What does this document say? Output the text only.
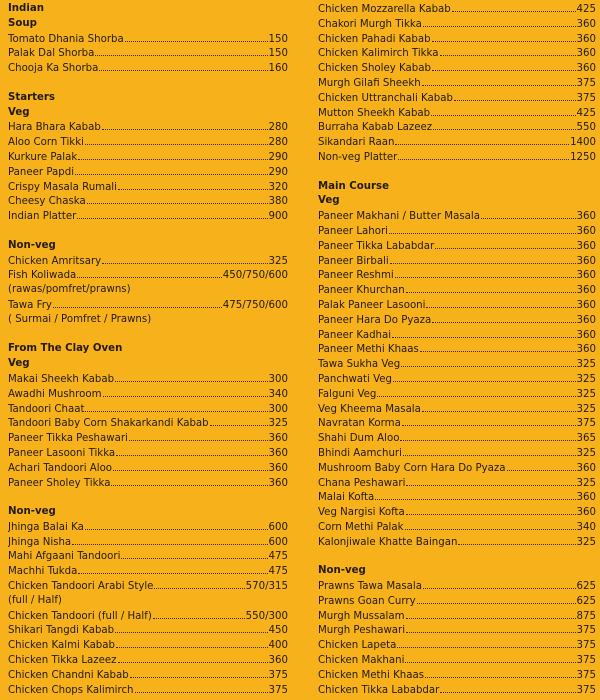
Indian
Soup
Tomato Dhania Shorba	150
Palak Dal Shorba	150
Chooja Ka Shorba	160
Starters
Veg
Hara Bhara Kabab	280
Aloo Corn Tikki	280
Kurkure Palak	290
Paneer Papdi	290
Crispy Masala Rumali	320
Cheesy Chaska	380
Indian Platter	900
Non-veg
Chicken Amritsary	325
Fish Koliwada	450/750/600
(rawas/pomfret/prawns)
Tawa Fry	475/750/600
( Surmai / Pomfret / Prawns)
From The Clay Oven
Veg
Makai Sheekh Kabab	300
Awadhi Mushroom	340
Tandoori Chaat	300
Tandoori Baby Corn Shakarkandi Kabab	325
Paneer Tikka Peshawari	360
Paneer Lasooni Tikka	360
Achari Tandoori Aloo	360
Paneer Sholey Tikka	360
Non-veg
Jhinga Balai Ka	600
Jhinga Nisha	600
Mahi Afgaani Tandoori	475
Machhi Tukda	475
Chicken Tandoori Arabi Style	570/315
(full / Half)
Chicken Tandoori (full / Half)	550/300
Shikari Tangdi Kabab	450
Chicken Kalmi Kabab	400
Chicken Tikka Lazeez	360
Chicken Chandni Kabab	375
Chicken Chops Kalimirch	375
Chicken Mozzarella Kabab	425
Chakori Murgh Tikka	360
Chicken Pahadi Kabab	360
Chicken Kalimirch Tikka	360
Chicken Sholey Kabab	360
Murgh Gilafi Sheekh	375
Chicken Uttranchali Kabab	375
Mutton Sheekh Kabab	425
Burraha Kabab Lazeez	550
Sikandari Raan	1400
Non-veg Platter	1250
Main Course
Veg
Paneer Makhani / Butter Masala	360
Paneer Lahori	360
Paneer Tikka Lababdar	360
Paneer Birbali	360
Paneer Reshmi	360
Paneer Khurchan	360
Palak Paneer Lasooni	360
Paneer Hara Do Pyaza	360
Paneer Kadhai	360
Paneer Methi Khaas	360
Tawa Sukha Veg	325
Panchwati Veg	325
Falguni Veg	325
Veg Kheema Masala	325
Navratan Korma	375
Shahi Dum Aloo	365
Bhindi Aamchuri	325
Mushroom Baby Corn Hara Do Pyaza	360
Chana Peshawari	325
Malai Kofta	360
Veg Nargisi Kofta	360
Corn Methi Palak	340
Kalonjiwale Khatte Baingan	325
Non-veg
Prawns Tawa Masala	625
Prawns Goan Curry	625
Murgh Mussalam	875
Murgh Peshawari	375
Chicken Lapeta	375
Chicken Makhani	375
Chicken Methi Khaas	375
Chicken Tikka Lababdar	375
